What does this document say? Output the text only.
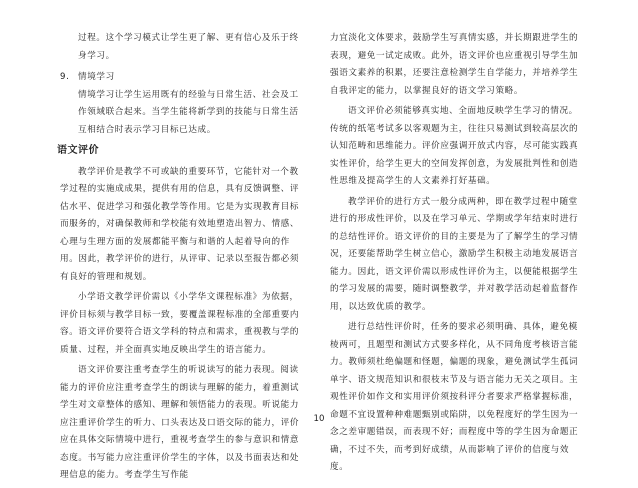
过程。这个学习模式让学生更了解、更有信心及乐于终身学习。

9. 情境学习

情境学习让学生运用既有的经验与日常生活、社会及工作领域联合起来。当学生能将新学到的技能与日常生活互相结合时表示学习目标已达成。

语文评价

教学评价是教学不可或缺的重要环节，它能针对一个教学过程的实施成成果，提供有用的信息，具有反馈调整、评估水平、促进学习和强化教学等作用。它是为实现教育目标而服务的，对确保教师和学校能有效地塑造出智力、情感、心理与生理方面的发展都能平衡与和谐的人起着导向的作用。因此，教学评价的进行，从评审、记录以至报告都必须有良好的管理和规划。

小学语文教学评价需以《小学华文课程标准》为依据，评价目标须与教学目标一致，要覆盖课程标准的全部重要内容。语文评价要符合语文学科的特点和需求，重视教与学的质量、过程，并全面真实地反映出学生的语言能力。

语文评价要注重考查学生的听说读写的能力表现。阅读能力的评价应注重考查学生的朗读与理解的能力，着重测试学生对文章整体的感知、理解和领悟能力的表现。听说能力应注重评价学生的听力、口头表达及口语交际的能力，评价应在具体交际情境中进行，重视考查学生的参与意识和情意态度。书写能力应注重评价学生的字体，以及书面表达和处理信息的能力。考查学生写作能

力宜淡化文体要求，鼓励学生写真情实感，并长期跟进学生的表现，避免一试定成败。此外，语文评价也应重视引导学生加强语文素养的积累，还要注意检测学生自学能力，并培养学生自我评定的能力，以掌握良好的语文学习策略。

语文评价必须能够真实地、全面地反映学生学习的情况。传统的纸笔考试多以客观题为主，往往只易测试到较高层次的认知范畴和思维能力。评价应强调开放式内容，尽可能实践真实性评价，给学生更大的空间发挥创意，为发展批判性和创造性思维及提高学生的人文素养打好基础。

教学评价的进行方式一般分成两种，即在教学过程中随堂进行的形成性评价，以及在学习单元、学期或学年结束时进行的总结性评价。语文评价的目的主要是为了了解学生的学习情况，还要能帮助学生树立信心，激励学生积极主动地发展语言能力。因此，语文评价需以形成性评价为主，以便能根据学生的学习发展的需要，随时调整教学，并对教学活动起着监督作用，以达致优质的教学。

进行总结性评价时，任务的要求必须明确、具体，避免模棱两可，且题型和测试方式要多样化，从不同角度考核语言能力。教师须杜绝偏题和怪题，偏题的现象，避免测试学生孤词单字、语文规范知识和很枝末节及与语言能力无关之项目。主观性评价如作文和实用评价须按科评分者要求严格掌握标准，命题不宜设置种种难题甄别或陷阱，以免程度好的学生因为一念之差审题错误，而表现不好；而程度中等的学生因为命题正确，不过不失，而考到好成绩，从而影响了评价的信度与效度。

10
